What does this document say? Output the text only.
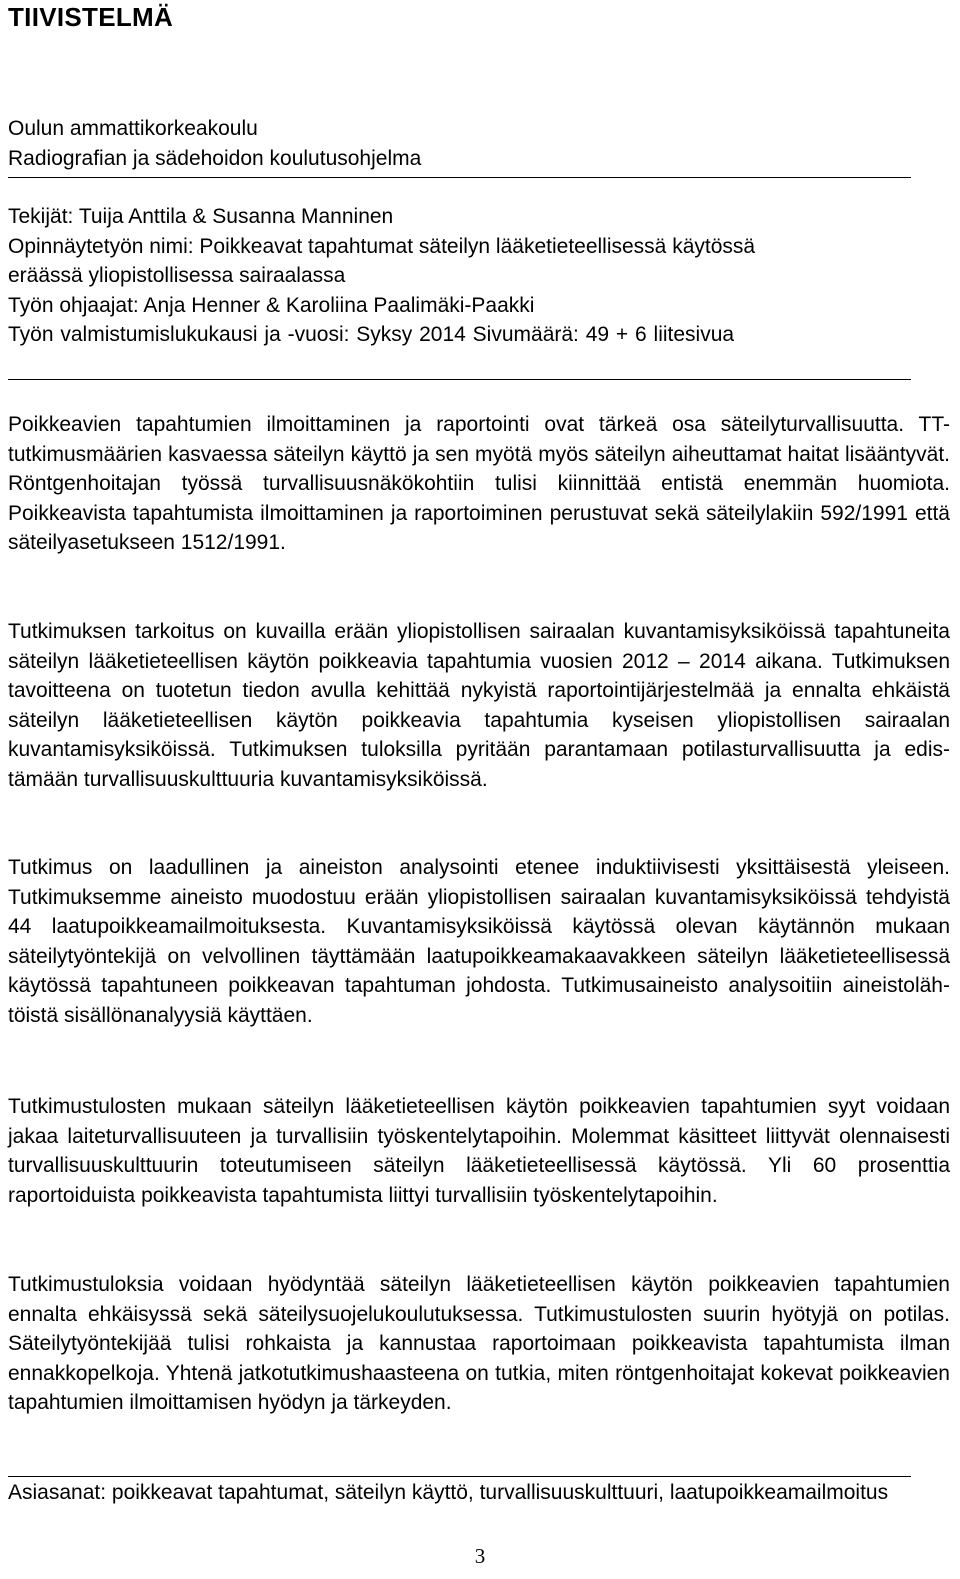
TIIVISTELMÄ
Oulun ammattikorkeakoulu
Radiografian ja sädehoidon koulutusohjelma
Tekijät: Tuija Anttila & Susanna Manninen
Opinnäytetyön nimi: Poikkeavat tapahtumat säteilyn lääketieteellisessä käytössä
eräässä yliopistollisessa sairaalassa
Työn ohjaajat: Anja Henner & Karoliina Paalimäki-Paakki
Työn valmistumislukukausi ja -vuosi: Syksy 2014 Sivumäärä: 49 + 6 liitesivua

Poikkeavien tapahtumien ilmoittaminen ja raportointi ovat tärkeä osa säteilyturvallisuutta. TT-tutkimusmäärien kasvaessa säteilyn käyttö ja sen myötä myös säteilyn aiheuttamat haitat lisääntyvät. Röntgenhoitajan työssä turvallisuusnäkökohtiin tulisi kiinnittää entistä enemmän huomiota. Poikkeavista tapahtumista ilmoittaminen ja raportoiminen perustuvat sekä säteilylakiin 592/1991 että säteilyasetukseen 1512/1991.

Tutkimuksen tarkoitus on kuvailla erään yliopistollisen sairaalan kuvantamisyksiköissä tapahtuneita säteilyn lääketieteellisen käytön poikkeavia tapahtumia vuosien 2012 – 2014 aikana. Tutkimuksen tavoitteena on tuotetun tiedon avulla kehittää nykyistä raportointijärjestelmää ja ennalta ehkäistä säteilyn lääketieteellisen käytön poikkeavia tapahtumia kyseisen yliopistollisen sairaalan kuvantamisyksiköissä. Tutkimuksen tuloksilla pyritään parantamaan potilasturvallisuutta ja edistämään turvallisuuskulttuuria kuvantamisyksiköissä.

Tutkimus on laadullinen ja aineiston analysointi etenee induktiivisesti yksittäisestä yleiseen. Tutkimuksemme aineisto muodostuu erään yliopistollisen sairaalan kuvantamisyksiköissä tehdyistä 44 laatupoikkeamailmoituksesta. Kuvantamisyksiköissä käytössä olevan käytännön mukaan säteilytyöntekijä on velvollinen täyttämään laatupoikkeamakaavakkeen säteilyn lääketieteellisessä käytössä tapahtuneen poikkeavan tapahtuman johdosta. Tutkimusaineisto analysoitiin aineistolähtöistä sisällönanalyysiä käyttäen.

Tutkimustulosten mukaan säteilyn lääketieteellisen käytön poikkeavien tapahtumien syyt voidaan jakaa laiteturvallisuuteen ja turvallisiin työskentelytapoihin. Molemmat käsitteet liittyvät olennaisesti turvallisuuskulttuurin toteutumiseen säteilyn lääketieteellisessä käytössä. Yli 60 prosenttia raportoiduista poikkeavista tapahtumista liittyi turvallisiin työskentelytapoihin.

Tutkimustuloksia voidaan hyödyntää säteilyn lääketieteellisen käytön poikkeavien tapahtumien ennalta ehkäisyssä sekä säteilysuojelukoulutuksessa. Tutkimustulosten suurin hyötyjä on potilas. Säteilytyöntekijää tulisi rohkaista ja kannustaa raportoimaan poikkeavista tapahtumista ilman ennakkopelkoja. Yhtenä jatkotutkimushaasteena on tutkia, miten röntgenhoitajat kokevat poikkeavien tapahtumien ilmoittamisen hyödyn ja tärkeyden.

Asiasanat: poikkeavat tapahtumat, säteilyn käyttö, turvallisuuskulttuuri, laatupoikkeamailmoitus

3
